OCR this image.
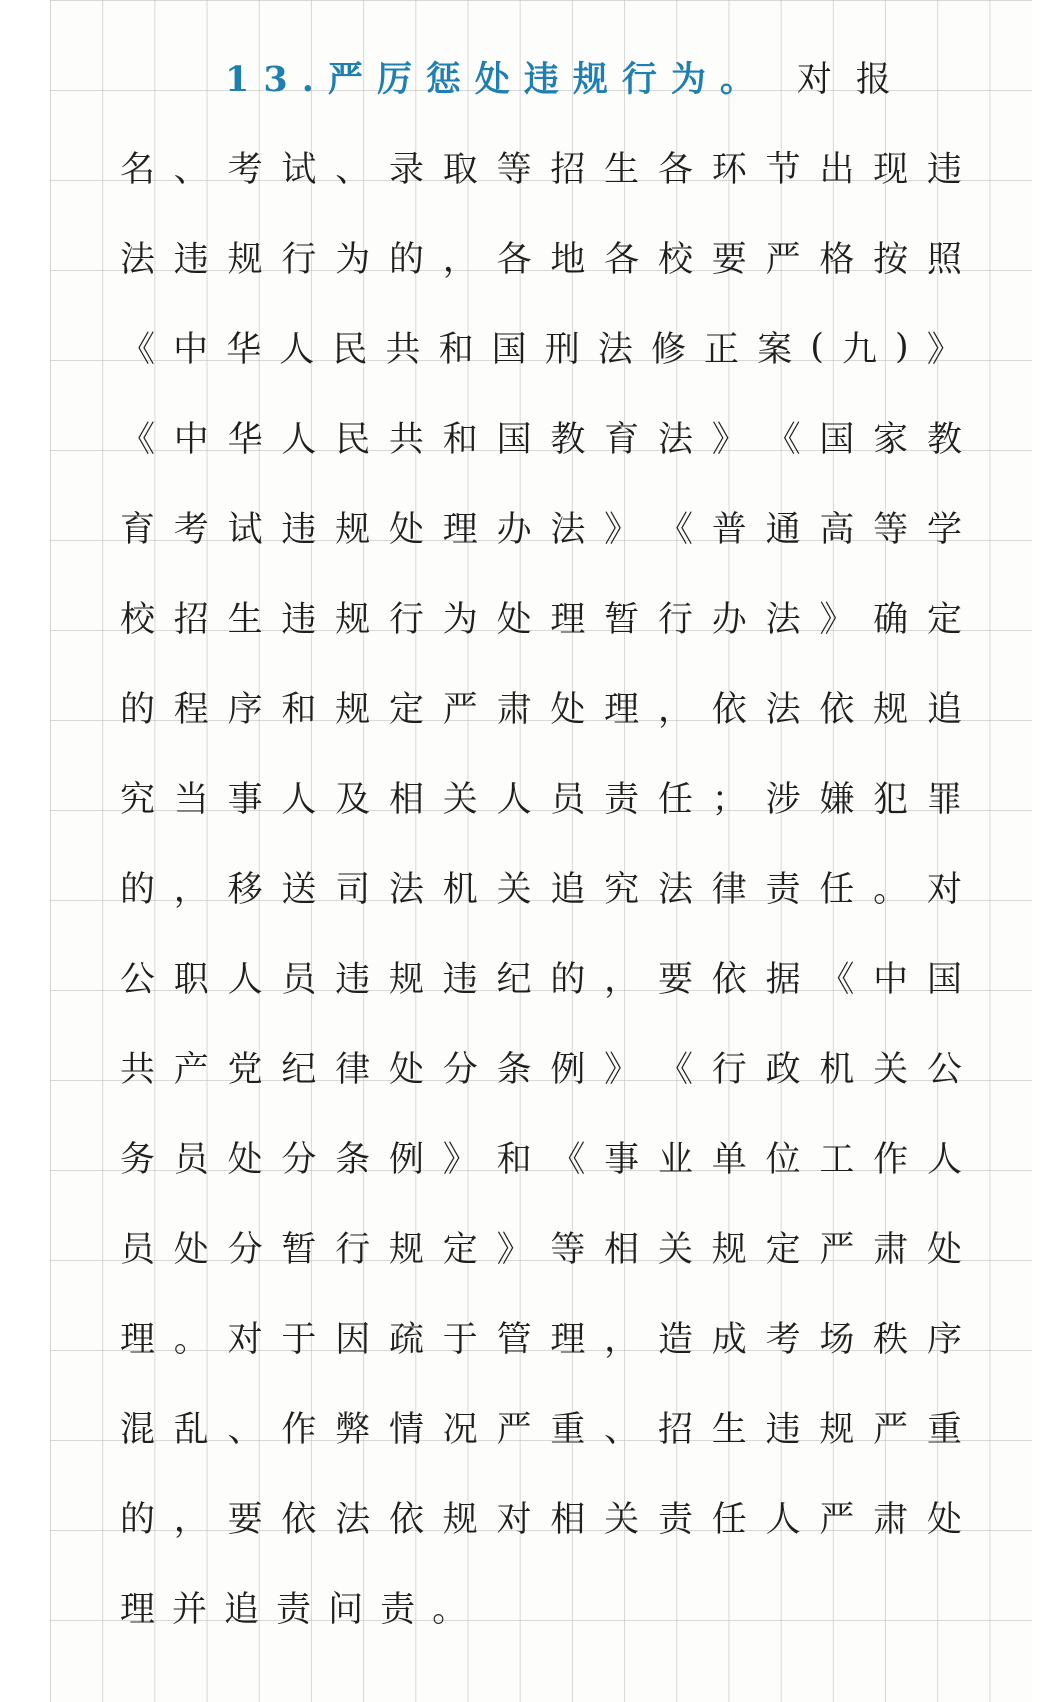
13.严厉惩处违规行为。 对报
名 、 考 试 、 录 取 等 招 生 各 环 节 出 现 违
法 违 规 行 为 的 ， 各 地 各 校 要 严 格 按 照
《 中 华 人 民 共 和 国 刑 法 修 正 案 ( 九 ) 》
《 中 华 人 民 共 和 国 教 育 法 》 《 国 家 教
育 考 试 违 规 处 理 办 法 》 《 普 通 高 等 学
校 招 生 违 规 行 为 处 理 暂 行 办 法 》 确 定
的 程 序 和 规 定 严 肃 处 理 ， 依 法 依 规 追
究 当 事 人 及 相 关 人 员 责 任 ； 涉 嫌 犯 罪
的 ， 移 送 司 法 机 关 追 究 法 律 责 任 。 对
公 职 人 员 违 规 违 纪 的 ， 要 依 据 《 中 国
共 产 党 纪 律 处 分 条 例 》 《 行 政 机 关 公
务 员 处 分 条 例 》 和 《 事 业 单 位 工 作 人
员 处 分 暂 行 规 定 》 等 相 关 规 定 严 肃 处
理 。 对 于 因 疏 于 管 理 ， 造 成 考 场 秩 序
混 乱 、 作 弊 情 况 严 重 、 招 生 违 规 严 重
的 ， 要 依 法 依 规 对 相 关 责 任 人 严 肃 处
理 并 追 责 问 责 。
